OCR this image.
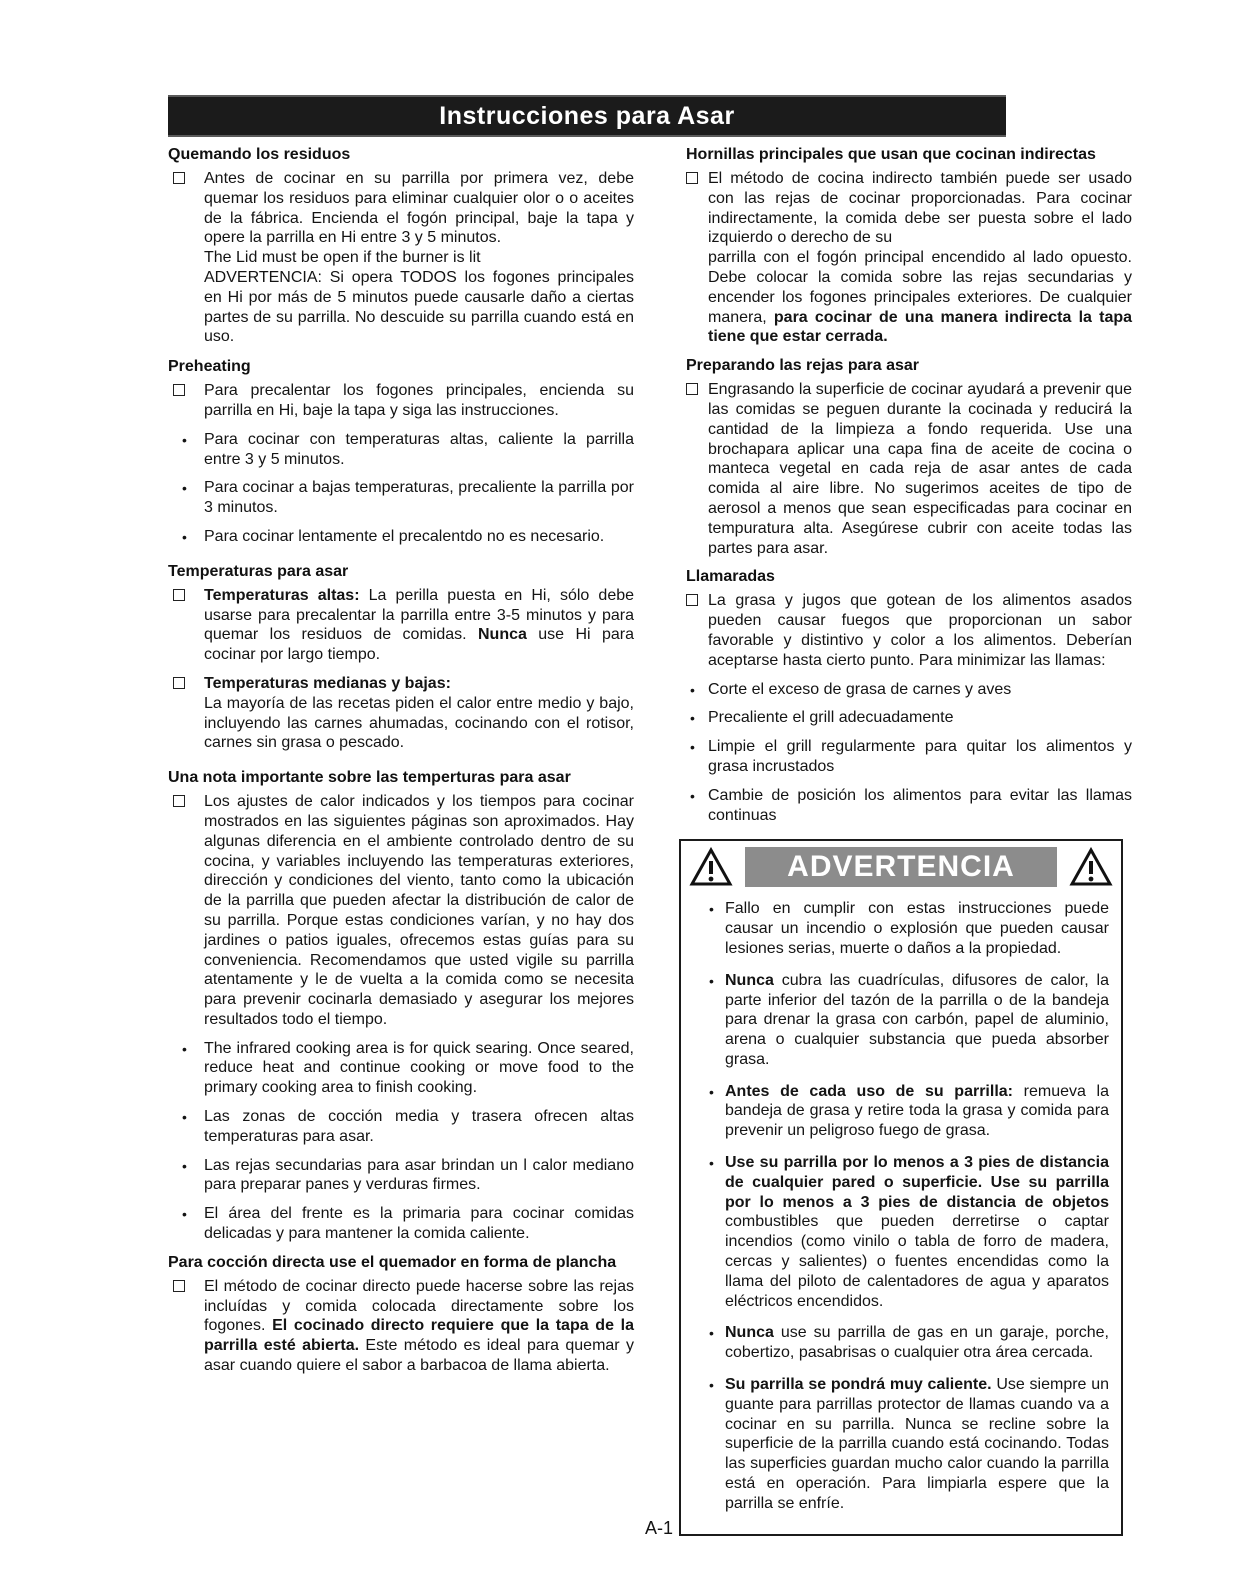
Instrucciones para Asar
Quemando los residuos
Antes de cocinar en su parrilla por primera vez, debe quemar los residuos para eliminar cualquier olor o o aceites de la fábrica. Encienda el fogón principal, baje la tapa y opere la parrilla en Hi entre 3 y 5 minutos.
The Lid must be open if the burner is lit
ADVERTENCIA: Si opera TODOS los fogones principales en Hi por más de 5 minutos puede causarle daño a ciertas partes de su parrilla. No descuide su parrilla cuando está en uso.
Preheating
Para precalentar los fogones principales, encienda su parrilla en Hi, baje la tapa y siga las instrucciones.
• Para cocinar con temperaturas altas, caliente la parrilla entre 3 y 5 minutos.
• Para cocinar a bajas temperaturas, precaliente la parrilla por 3 minutos.
• Para cocinar lentamente el precalentdo no es necesario.
Temperaturas para asar
Temperaturas altas: La perilla puesta en Hi, sólo debe usarse para precalentar la parrilla entre 3-5 minutos y para quemar los residuos de comidas. Nunca use Hi para cocinar por largo tiempo.
Temperaturas medianas y bajas:
La mayoría de las recetas piden el calor entre medio y bajo, incluyendo las carnes ahumadas, cocinando con el rotisor, carnes sin grasa o pescado.
Una nota importante sobre las temperturas para asar
Los ajustes de calor indicados y los tiempos para cocinar mostrados en las siguientes páginas son aproximados. Hay algunas diferencia en el ambiente controlado dentro de su cocina, y variables incluyendo las temperaturas exteriores, dirección y condiciones del viento, tanto como la ubicación de la parrilla que pueden afectar la distribución de calor de su parrilla. Porque estas condiciones varían, y no hay dos jardines o patios iguales, ofrecemos estas guías para su conveniencia. Recomendamos que usted vigile su parrilla atentamente y le de vuelta a la comida como se necesita para prevenir cocinarla demasiado y asegurar los mejores resultados todo el tiempo.
• The infrared cooking area is for quick searing. Once seared, reduce heat and continue cooking or move food to the primary cooking area to finish cooking.
• Las zonas de cocción media y trasera ofrecen altas temperaturas para asar.
• Las rejas secundarias para asar brindan un l calor mediano para preparar panes y verduras firmes.
• El área del frente es la primaria para cocinar comidas delicadas y para mantener la comida caliente.
Para cocción directa use el quemador en forma de plancha
El método de cocinar directo puede hacerse sobre las rejas incluídas y comida colocada directamente sobre los fogones. El cocinado directo requiere que la tapa de la parrilla esté abierta. Este método es ideal para quemar y asar cuando quiere el sabor a barbacoa de llama abierta.
Hornillas principales que usan que cocinan indirectas
El método de cocina indirecto también puede ser usado con las rejas de cocinar proporcionadas. Para cocinar indirectamente, la comida debe ser puesta sobre el lado izquierdo o derecho de su
parrilla con el fogón principal encendido al lado opuesto. Debe colocar la comida sobre las rejas secundarias y encender los fogones principales exteriores. De cualquier manera, para cocinar de una manera indirecta la tapa tiene que estar cerrada.
Preparando las rejas para asar
Engrasando la superficie de cocinar ayudará a prevenir que las comidas se peguen durante la cocinada y reducirá la cantidad de la limpieza a fondo requerida. Use una brochapara aplicar una capa fina de aceite de cocina o manteca vegetal en cada reja de asar antes de cada comida al aire libre. No sugerimos aceites de tipo de aerosol a menos que sean especificadas para cocinar en tempuratura alta. Asegúrese cubrir con aceite todas las partes para asar.
Llamaradas
La grasa y jugos que gotean de los alimentos asados pueden causar fuegos que proporcionan un sabor favorable y distintivo y color a los alimentos. Deberían aceptarse hasta cierto punto. Para minimizar las llamas:
• Corte el exceso de grasa de carnes y aves
• Precaliente el grill adecuadamente
• Limpie el grill regularmente para quitar los alimentos y grasa incrustados
• Cambie de posición los alimentos para evitar las llamas continuas
ADVERTENCIA
• Fallo en cumplir con estas instrucciones puede causar un incendio o explosión que pueden causar lesiones serias, muerte o daños a la propiedad.
• Nunca cubra las cuadrículas, difusores de calor, la parte inferior del tazón de la parrilla o de la bandeja para drenar la grasa con carbón, papel de aluminio, arena o cualquier substancia que pueda absorber grasa.
• Antes de cada uso de su parrilla: remueva la bandeja de grasa y retire toda la grasa y comida para prevenir un peligroso fuego de grasa.
• Use su parrilla por lo menos a 3 pies de distancia de cualquier pared o superficie. Use su parrilla por lo menos a 3 pies de distancia de objetos combustibles que pueden derretirse o captar incendios (como vinilo o tabla de forro de madera, cercas y salientes) o fuentes encendidas como la llama del piloto de calentadores de agua y aparatos eléctricos encendidos.
• Nunca use su parrilla de gas en un garaje, porche, cobertizo, pasabrisas o cualquier otra área cercada.
• Su parrilla se pondrá muy caliente. Use siempre un guante para parrillas protector de llamas cuando va a cocinar en su parrilla. Nunca se recline sobre la superficie de la parrilla cuando está cocinando. Todas las superficies guardan mucho calor cuando la parrilla está en operación. Para limpiarla espere que la parrilla se enfríe.
A-1
